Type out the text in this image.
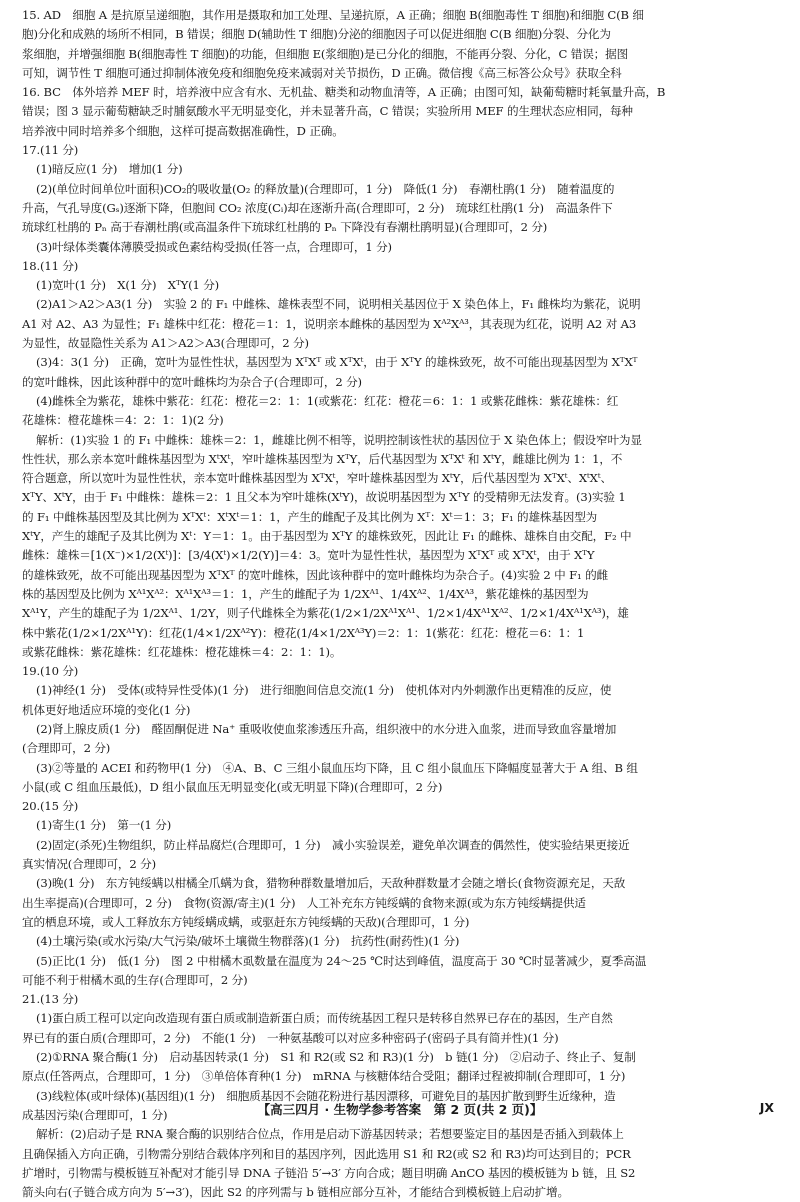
15. AD　细胞 A 是抗原呈递细胞，其作用是摄取和加工处理、呈递抗原，A 正确；细胞 B(细胞毒性 T 细胞)和细胞 C(B 细
胞)分化和成熟的场所不相同，B 错误；细胞 D(辅助性 T 细胞)分泌的细胞因子可以促进细胞 C(B 细胞)分裂、分化为
浆细胞，并增强细胞 B(细胞毒性 T 细胞)的功能，但细胞 E(浆细胞)是已分化的细胞，不能再分裂、分化，C 错误；据图
可知，调节性 T 细胞可通过抑制体液免疫和细胞免疫来减弱对关节损伤，D 正确。微信搜《高三标答公众号》获取全科
16. BC　体外培养 MEF 时，培养液中应含有水、无机盐、糖类和动物血清等，A 正确；由图可知，缺葡萄糖时耗氧量升高，B
错误；图 3 显示葡萄糖缺乏时脯氨酸水平无明显变化，并未显著升高，C 错误；实验所用 MEF 的生理状态应相同，每种
培养液中同时培养多个细胞，这样可提高数据准确性，D 正确。
17.(11 分)
(1)暗反应(1 分)　增加(1 分)
(2)(单位时间单位叶面积)CO₂的吸收量(O₂ 的释放量)(合理即可，1 分)　降低(1 分)　春潮杜鹃(1 分)　随着温度的
升高，气孔导度(Gₛ)逐渐下降，但胞间 CO₂ 浓度(Cᵢ)却在逐渐升高(合理即可，2 分)　琉球红杜鹃(1 分)　高温条件下
琉球红杜鹃的 Pₙ 高于春潮杜鹃(或高温条件下琉球红杜鹃的 Pₙ 下降没有春潮杜鹃明显)(合理即可，2 分)
(3)叶绿体类囊体薄膜受损或色素结构受损(任答一点，合理即可，1 分)
18.(11 分)
(1)宽叶(1 分)　X(1 分)　XᵀY(1 分)
(2)A1＞A2＞A3(1 分)　实验 2 的 F₁ 中雌株、雄株表型不同，说明相关基因位于 X 染色体上，F₁ 雌株均为紫花，说明
A1 对 A2、A3 为显性；F₁ 雄株中红花：橙花＝1：1，说明亲本雌株的基因型为 Xᴬ²Xᴬ³，其表现为红花，说明 A2 对 A3
为显性，故显隐性关系为 A1＞A2＞A3(合理即可，2 分)
(3)4：3(1 分)　正确，宽叶为显性性状，基因型为 XᵀXᵀ 或 XᵀXᵗ，由于 XᵀY 的雄株致死，故不可能出现基因型为 XᵀXᵀ
的宽叶雌株，因此该种群中的宽叶雌株均为杂合子(合理即可，2 分)
(4)雌株全为紫花，雄株中紫花：红花：橙花＝2：1：1(或紫花：红花：橙花＝6：1：1 或紫花雌株：紫花雄株：红
花雄株：橙花雄株＝4：2：1：1)(2 分)
解析：(1)实验 1 的 F₁ 中雌株：雄株＝2：1，雌雄比例不相等，说明控制该性状的基因位于 X 染色体上；假设窄叶为显
性性状，那么亲本宽叶雌株基因型为 XᵗXᵗ，窄叶雄株基因型为 XᵀY，后代基因型为 XᵀXᵗ 和 XᵗY，雌雄比例为 1：1，不
符合题意，所以宽叶为显性性状，亲本宽叶雌株基因型为 XᵀXᵗ，窄叶雄株基因型为 XᵗY，后代基因型为 XᵀXᵗ、XᵗXᵗ、
XᵀY、XᵗY，由于 F₁ 中雌株：雄株＝2：1 且父本为窄叶雄株(XᵗY)，故说明基因型为 XᵀY 的受精卵无法发育。(3)实验 1
的 F₁ 中雌株基因型及其比例为 XᵀXᵗ：XᵗXᵗ＝1：1，产生的雌配子及其比例为 Xᵀ：Xᵗ＝1：3；F₁ 的雄株基因型为
XᵗY，产生的雄配子及其比例为 Xᵗ：Y＝1：1。由于基因型为 XᵀY 的雄株致死，因此让 F₁ 的雌株、雄株自由交配，F₂ 中
雌株：雄株＝[1(X⁻)×1/2(Xᵗ)]：[3/4(Xᵗ)×1/2(Y)]＝4：3。宽叶为显性性状，基因型为 XᵀXᵀ 或 XᵀXᵗ，由于 XᵀY
的雄株致死，故不可能出现基因型为 XᵀXᵀ 的宽叶雌株，因此该种群中的宽叶雌株均为杂合子。(4)实验 2 中 F₁ 的雌
株的基因型及比例为 Xᴬ¹Xᴬ²：Xᴬ¹Xᴬ³＝1：1，产生的雌配子为 1/2Xᴬ¹、1/4Xᴬ²、1/4Xᴬ³，紫花雄株的基因型为
Xᴬ¹Y，产生的雄配子为 1/2Xᴬ¹、1/2Y，则子代雌株全为紫花(1/2×1/2Xᴬ¹Xᴬ¹、1/2×1/4Xᴬ¹Xᴬ²、1/2×1/4Xᴬ¹Xᴬ³)，雄
株中紫花(1/2×1/2Xᴬ¹Y)：红花(1/4×1/2Xᴬ²Y)：橙花(1/4×1/2Xᴬ³Y)＝2：1：1(紫花：红花：橙花＝6：1：1
或紫花雌株：紫花雄株：红花雄株：橙花雄株＝4：2：1：1)。
19.(10 分)
(1)神经(1 分)　受体(或特异性受体)(1 分)　进行细胞间信息交流(1 分)　使机体对内外刺激作出更精准的反应，使
机体更好地适应环境的变化(1 分)
(2)肾上腺皮质(1 分)　醛固酮促进 Na⁺ 重吸收使血浆渗透压升高，组织液中的水分进入血浆，进而导致血容量增加
(合理即可，2 分)
(3)②等量的 ACEI 和药物甲(1 分)　④A、B、C 三组小鼠血压均下降，且 C 组小鼠血压下降幅度显著大于 A 组、B 组
小鼠(或 C 组血压最低)，D 组小鼠血压无明显变化(或无明显下降)(合理即可，2 分)
20.(15 分)
(1)寄生(1 分)　第一(1 分)
(2)固定(杀死)生物组织，防止样品腐烂(合理即可，1 分)　减小实验误差，避免单次调查的偶然性，使实验结果更接近
真实情况(合理即可，2 分)
(3)晚(1 分)　东方钝绥螨以柑橘全爪螨为食，猎物种群数量增加后，天敌种群数量才会随之增长(食物资源充足，天敌
出生率提高)(合理即可，2 分)　食物(资源/寄主)(1 分)　人工补充东方钝绥螨的食物来源(或为东方钝绥螨提供适
宜的栖息环境，或人工释放东方钝绥螨成螨，或驱赶东方钝绥螨的天敌)(合理即可，1 分)
(4)土壤污染(或水污染/大气污染/破坏土壤微生物群落)(1 分)　抗药性(耐药性)(1 分)
(5)正比(1 分)　低(1 分)　图 2 中柑橘木虱数量在温度为 24～25 ℃时达到峰值，温度高于 30 ℃时显著减少，夏季高温
可能不利于柑橘木虱的生存(合理即可，2 分)
21.(13 分)
(1)蛋白质工程可以定向改造现有蛋白质或制造新蛋白质；而传统基因工程只是转移自然界已存在的基因，生产自然
界已有的蛋白质(合理即可，2 分)　不能(1 分)　一种氨基酸可以对应多种密码子(密码子具有简并性)(1 分)
(2)①RNA 聚合酶(1 分)　启动基因转录(1 分)　S1 和 R2(或 S2 和 R3)(1 分)　b 链(1 分)　②启动子、终止子、复制
原点(任答两点，合理即可，1 分)　③单倍体育种(1 分)　mRNA 与核糖体结合受阻；翻译过程被抑制(合理即可，1 分)
(3)线粒体(或叶绿体)(基因组)(1 分)　细胞质基因不会随花粉进行基因漂移，可避免目的基因扩散到野生近缘种，造
成基因污染(合理即可，1 分)
解析：(2)启动子是 RNA 聚合酶的识别结合位点，作用是启动下游基因转录；若想要鉴定目的基因是否插入到载体上
且确保插入方向正确，引物需分别结合载体序列和目的基因序列，因此选用 S1 和 R2(或 S2 和 R3)均可达到目的；PCR
扩增时，引物需与模板链互补配对才能引导 DNA 子链沿 5′→3′ 方向合成；题目明确 AnCO 基因的模板链为 b 链，且 S2
箭头向右(子链合成方向为 5′→3′)，因此 S2 的序列需与 b 链相应部分互补，才能结合到模板链上启动扩增。
【高三四月 · 生物学参考答案　第 2 页(共 2 页)】	JX
